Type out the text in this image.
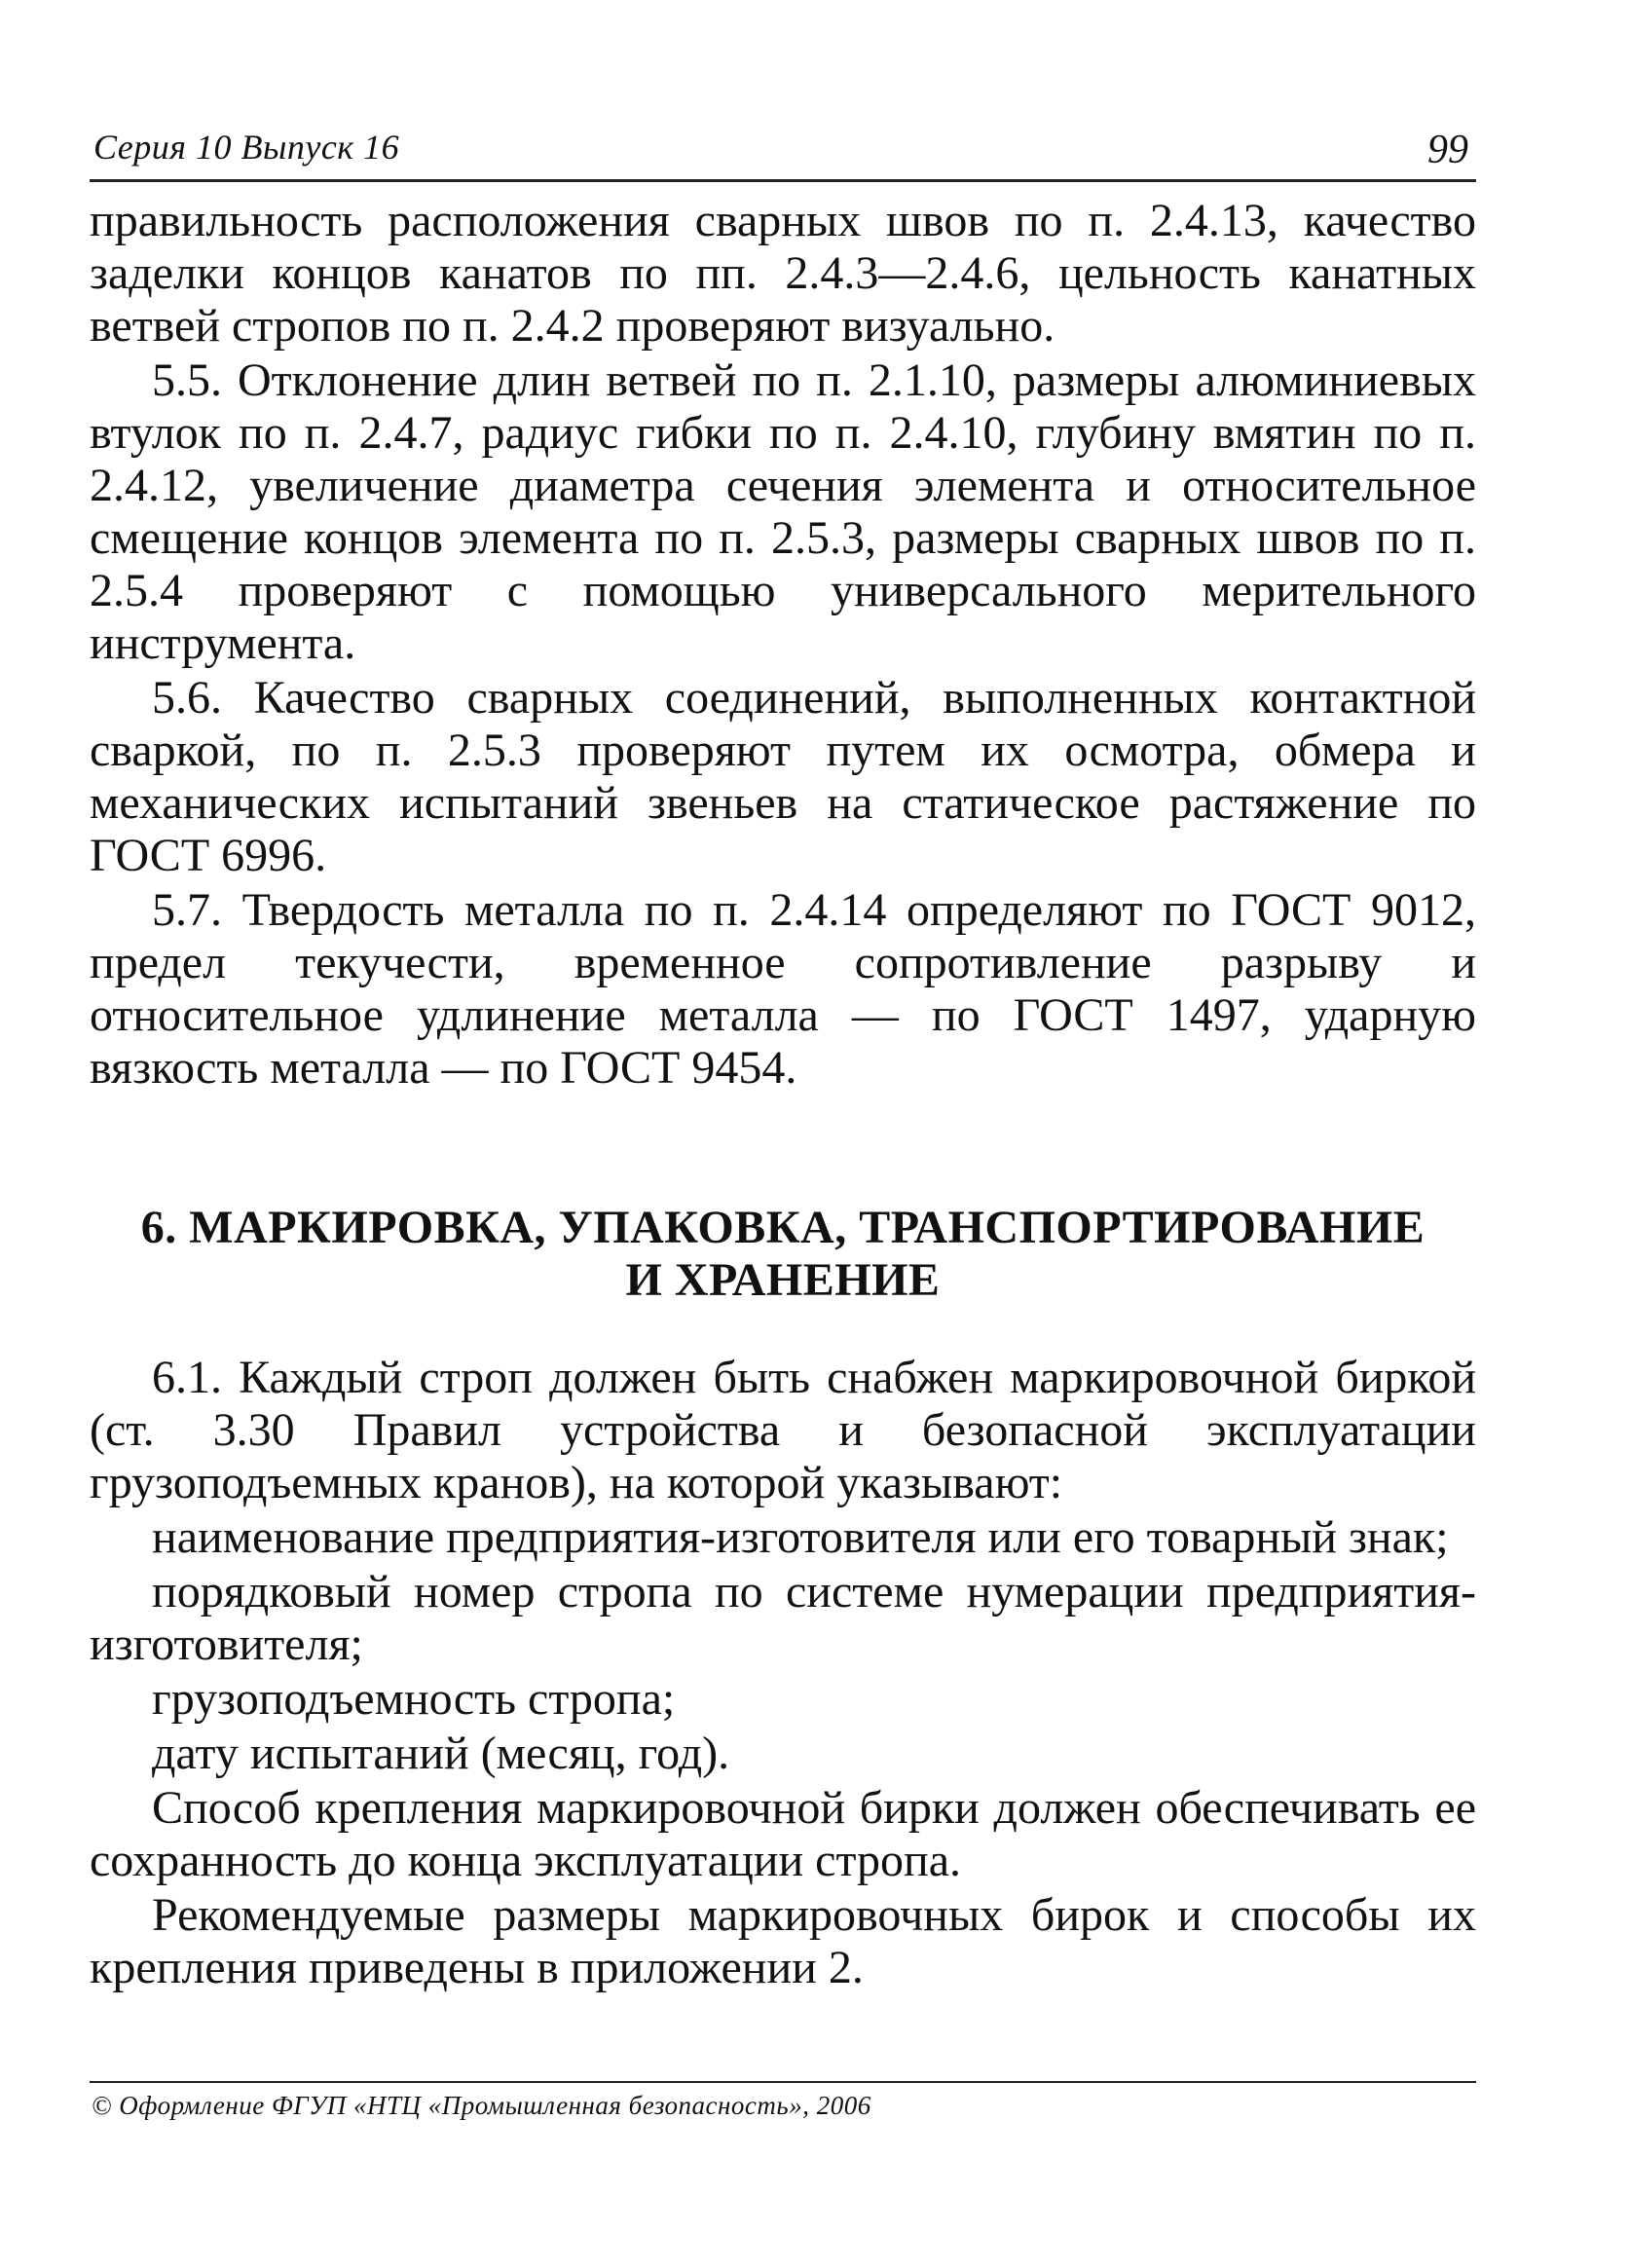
Серия 10 Выпуск 16	99

правильность расположения сварных швов по п. 2.4.13, качество заделки концов канатов по пп. 2.4.3—2.4.6, цельность канатных ветвей стропов по п. 2.4.2 проверяют визуально.

5.5. Отклонение длин ветвей по п. 2.1.10, размеры алюминиевых втулок по п. 2.4.7, радиус гибки по п. 2.4.10, глубину вмятин по п. 2.4.12, увеличение диаметра сечения элемента и относительное смещение концов элемента по п. 2.5.3, размеры сварных швов по п. 2.5.4 проверяют с помощью универсального мерительного инструмента.

5.6. Качество сварных соединений, выполненных контактной сваркой, по п. 2.5.3 проверяют путем их осмотра, обмера и механических испытаний звеньев на статическое растяжение по ГОСТ 6996.

5.7. Твердость металла по п. 2.4.14 определяют по ГОСТ 9012, предел текучести, временное сопротивление разрыву и относительное удлинение металла — по ГОСТ 1497, ударную вязкость металла — по ГОСТ 9454.

6. МАРКИРОВКА, УПАКОВКА, ТРАНСПОРТИРОВАНИЕ
И ХРАНЕНИЕ

6.1. Каждый строп должен быть снабжен маркировочной биркой (ст. 3.30 Правил устройства и безопасной эксплуатации грузоподъемных кранов), на которой указывают:

наименование предприятия-изготовителя или его товарный знак;

порядковый номер стропа по системе нумерации предприятия-изготовителя;

грузоподъемность стропа;

дату испытаний (месяц, год).

Способ крепления маркировочной бирки должен обеспечивать ее сохранность до конца эксплуатации стропа.

Рекомендуемые размеры маркировочных бирок и способы их крепления приведены в приложении 2.

© Оформление ФГУП «НТЦ «Промышленная безопасность», 2006
